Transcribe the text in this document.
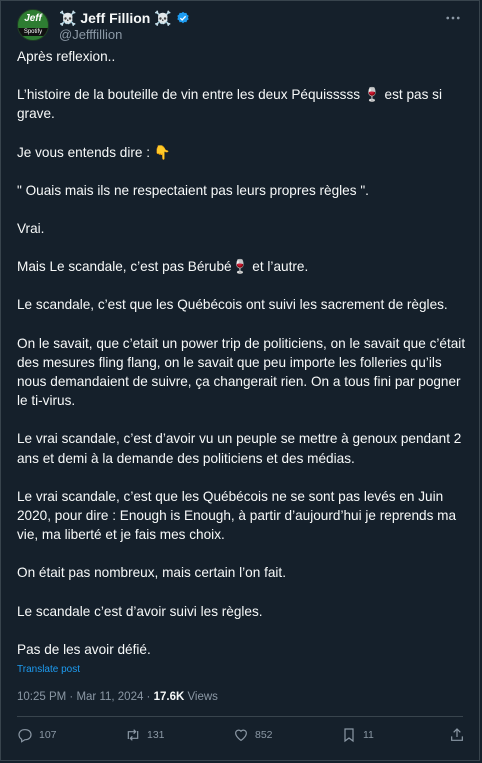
Jeff
Spotify
☠️ Jeff Fillion ☠️
@Jefffillion

Après reflexion..

L’histoire de la bouteille de vin entre les deux Péquisssss 🍷 est pas si grave.

Je vous entends dire : 👇

" Ouais mais ils ne respectaient pas leurs propres règles ".

Vrai.

Mais Le scandale, c’est pas Bérubé🍷 et l’autre.

Le scandale, c’est que les Québécois ont suivi les sacrement de règles.

On le savait, que c’etait un power trip de politiciens, on le savait que c’était des mesures fling flang, on le savait que peu importe les folleries qu’ils nous demandaient de suivre, ça changerait rien. On a tous fini par pogner le ti-virus.

Le vrai scandale, c’est d’avoir vu un peuple se mettre à genoux pendant 2 ans et demi à la demande des politiciens et des médias.

Le vrai scandale, c’est que les Québécois ne se sont pas levés en Juin 2020, pour dire : Enough is Enough, à partir d’aujourd’hui je reprends ma vie, ma liberté et je fais mes choix.

On était pas nombreux, mais certain l’on fait.

Le scandale c’est d’avoir suivi les règles.

Pas de les avoir défié.

Translate post
10:25 PM · Mar 11, 2024 · 17.6K Views
107	131	852	11
